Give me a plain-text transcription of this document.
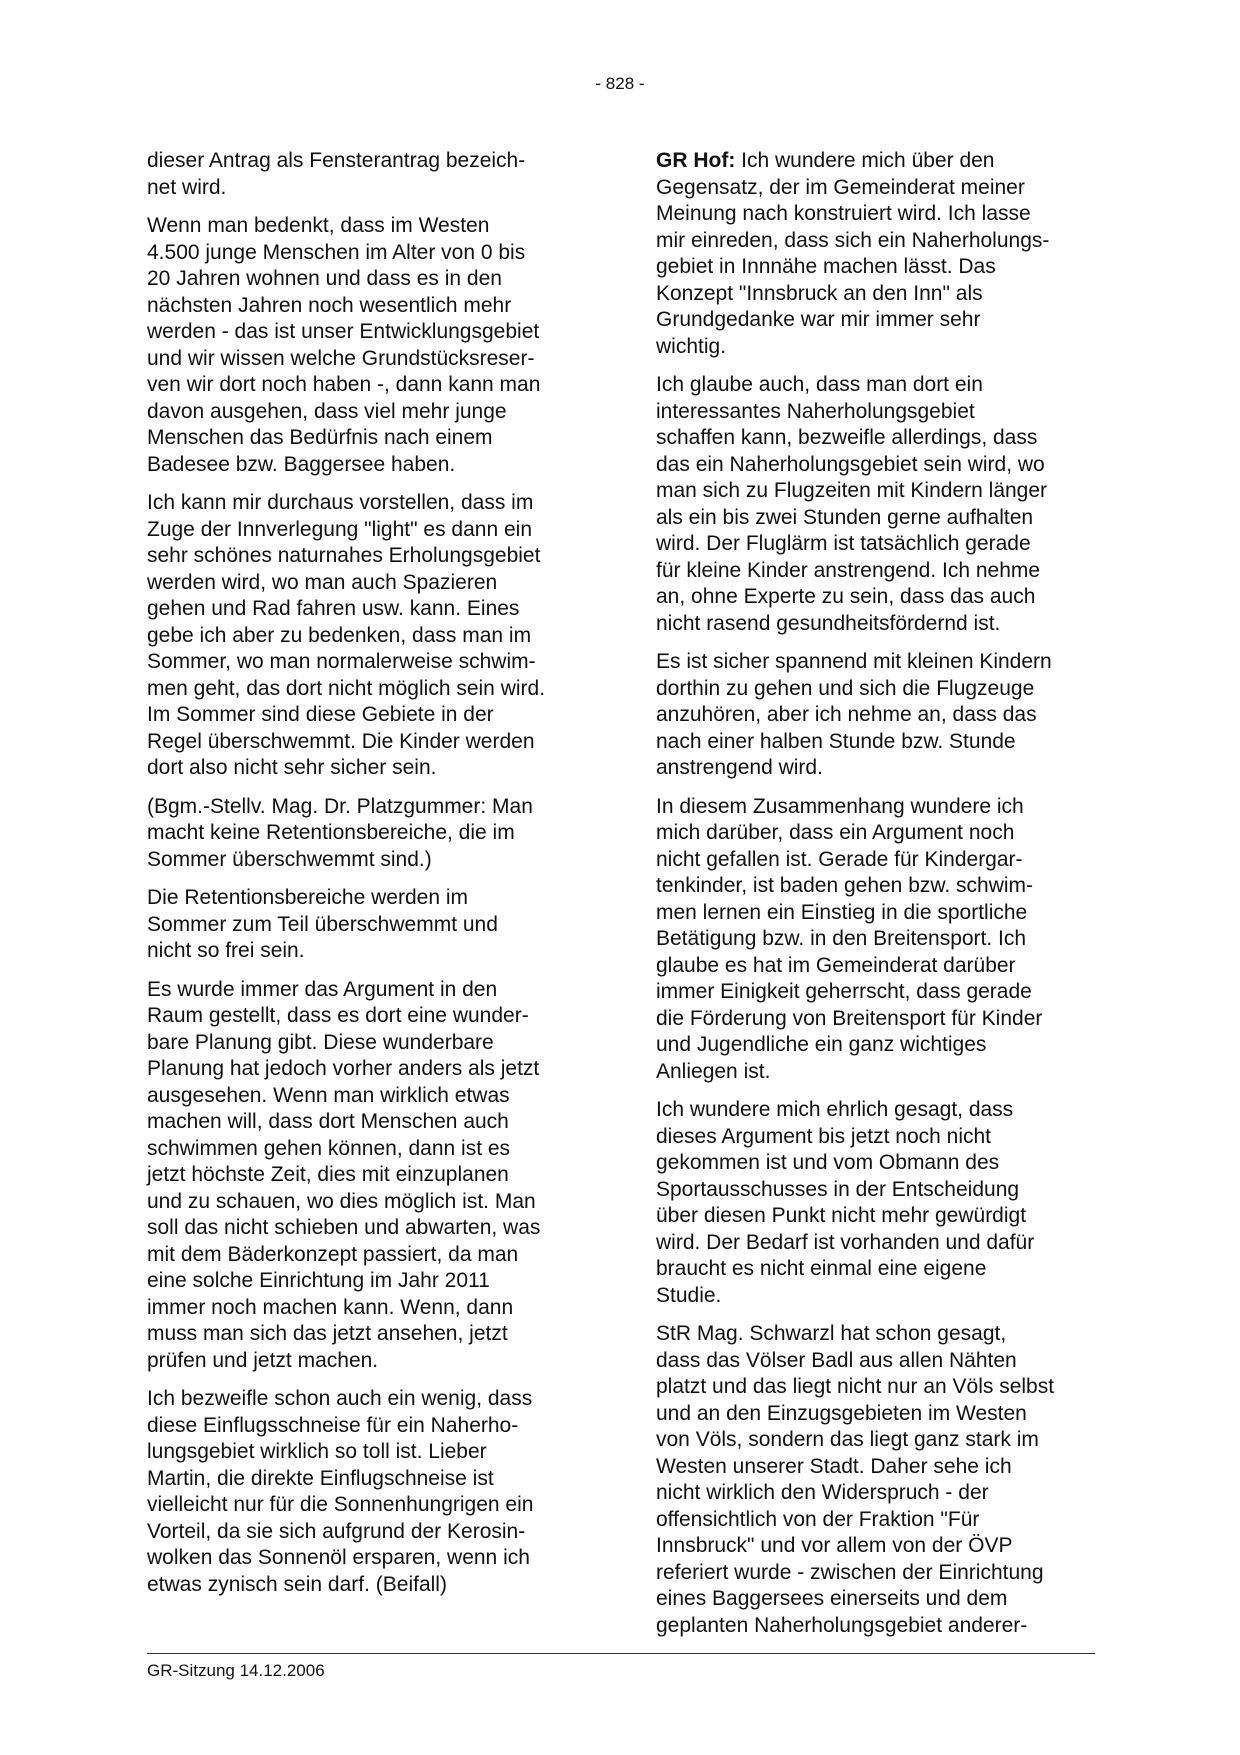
- 828 -

dieser Antrag als Fensterantrag bezeich-
net wird.

Wenn man bedenkt, dass im Westen
4.500 junge Menschen im Alter von 0 bis
20 Jahren wohnen und dass es in den
nächsten Jahren noch wesentlich mehr
werden - das ist unser Entwicklungsgebiet
und wir wissen welche Grundstücksreser-
ven wir dort noch haben -, dann kann man
davon ausgehen, dass viel mehr junge
Menschen das Bedürfnis nach einem
Badesee bzw. Baggersee haben.

Ich kann mir durchaus vorstellen, dass im
Zuge der Innverlegung "light" es dann ein
sehr schönes naturnahes Erholungsgebiet
werden wird, wo man auch Spazieren
gehen und Rad fahren usw. kann. Eines
gebe ich aber zu bedenken, dass man im
Sommer, wo man normalerweise schwim-
men geht, das dort nicht möglich sein wird.
Im Sommer sind diese Gebiete in der
Regel überschwemmt. Die Kinder werden
dort also nicht sehr sicher sein.

(Bgm.-Stellv. Mag. Dr. Platzgummer: Man
macht keine Retentionsbereiche, die im
Sommer überschwemmt sind.)

Die Retentionsbereiche werden im
Sommer zum Teil überschwemmt und
nicht so frei sein.

Es wurde immer das Argument in den
Raum gestellt, dass es dort eine wunder-
bare Planung gibt. Diese wunderbare
Planung hat jedoch vorher anders als jetzt
ausgesehen. Wenn man wirklich etwas
machen will, dass dort Menschen auch
schwimmen gehen können, dann ist es
jetzt höchste Zeit, dies mit einzuplanen
und zu schauen, wo dies möglich ist. Man
soll das nicht schieben und abwarten, was
mit dem Bäderkonzept passiert, da man
eine solche Einrichtung im Jahr 2011
immer noch machen kann. Wenn, dann
muss man sich das jetzt ansehen, jetzt
prüfen und jetzt machen.

Ich bezweifle schon auch ein wenig, dass
diese Einflugsschneise für ein Naherho-
lungsgebiet wirklich so toll ist. Lieber
Martin, die direkte Einflugschneise ist
vielleicht nur für die Sonnenhungrigen ein
Vorteil, da sie sich aufgrund der Kerosin-
wolken das Sonnenöl ersparen, wenn ich
etwas zynisch sein darf. (Beifall)

GR Hof: Ich wundere mich über den
Gegensatz, der im Gemeinderat meiner
Meinung nach konstruiert wird. Ich lasse
mir einreden, dass sich ein Naherholungs-
gebiet in Innnähe machen lässt. Das
Konzept "Innsbruck an den Inn" als
Grundgedanke war mir immer sehr
wichtig.

Ich glaube auch, dass man dort ein
interessantes Naherholungsgebiet
schaffen kann, bezweifle allerdings, dass
das ein Naherholungsgebiet sein wird, wo
man sich zu Flugzeiten mit Kindern länger
als ein bis zwei Stunden gerne aufhalten
wird. Der Fluglärm ist tatsächlich gerade
für kleine Kinder anstrengend. Ich nehme
an, ohne Experte zu sein, dass das auch
nicht rasend gesundheitsfördernd ist.

Es ist sicher spannend mit kleinen Kindern
dorthin zu gehen und sich die Flugzeuge
anzuhören, aber ich nehme an, dass das
nach einer halben Stunde bzw. Stunde
anstrengend wird.

In diesem Zusammenhang wundere ich
mich darüber, dass ein Argument noch
nicht gefallen ist. Gerade für Kindergar-
tenkinder, ist baden gehen bzw. schwim-
men lernen ein Einstieg in die sportliche
Betätigung bzw. in den Breitensport. Ich
glaube es hat im Gemeinderat darüber
immer Einigkeit geherrscht, dass gerade
die Förderung von Breitensport für Kinder
und Jugendliche ein ganz wichtiges
Anliegen ist.

Ich wundere mich ehrlich gesagt, dass
dieses Argument bis jetzt noch nicht
gekommen ist und vom Obmann des
Sportausschusses in der Entscheidung
über diesen Punkt nicht mehr gewürdigt
wird. Der Bedarf ist vorhanden und dafür
braucht es nicht einmal eine eigene
Studie.

StR Mag. Schwarzl hat schon gesagt,
dass das Völser Badl aus allen Nähten
platzt und das liegt nicht nur an Völs selbst
und an den Einzugsgebieten im Westen
von Völs, sondern das liegt ganz stark im
Westen unserer Stadt. Daher sehe ich
nicht wirklich den Widerspruch - der
offensichtlich von der Fraktion "Für
Innsbruck" und vor allem von der ÖVP
referiert wurde - zwischen der Einrichtung
eines Baggersees einerseits und dem
geplanten Naherholungsgebiet anderer-

GR-Sitzung 14.12.2006
